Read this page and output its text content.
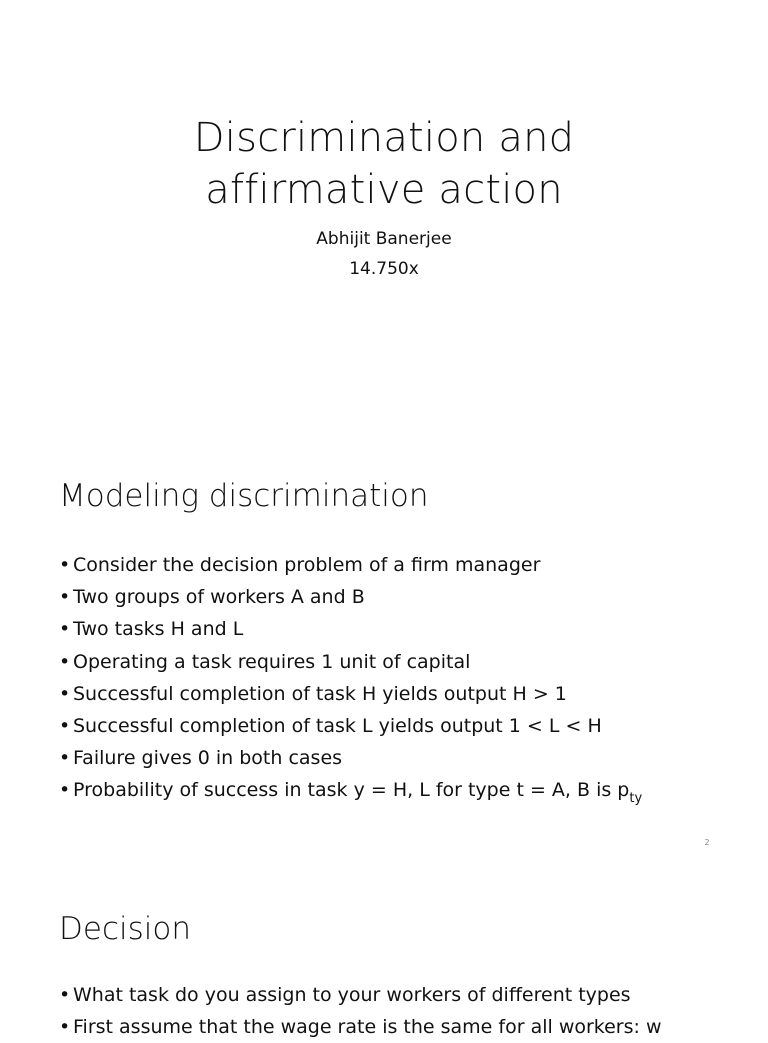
Discrimination and
affirmative action
Abhijit Banerjee
14.750x
Modeling discrimination
• Consider the decision problem of a firm manager
• Two groups of workers A and B
• Two tasks H and L
• Operating a task requires 1 unit of capital
• Successful completion of task H yields output H > 1
• Successful completion of task L yields output 1 < L < H
• Failure gives 0 in both cases
• Probability of success in task y = H, L for type t = A, B is $p_{ty}$
2
Decision
• What task do you assign to your workers of different types
• First assume that the wage rate is the same for all workers: w
